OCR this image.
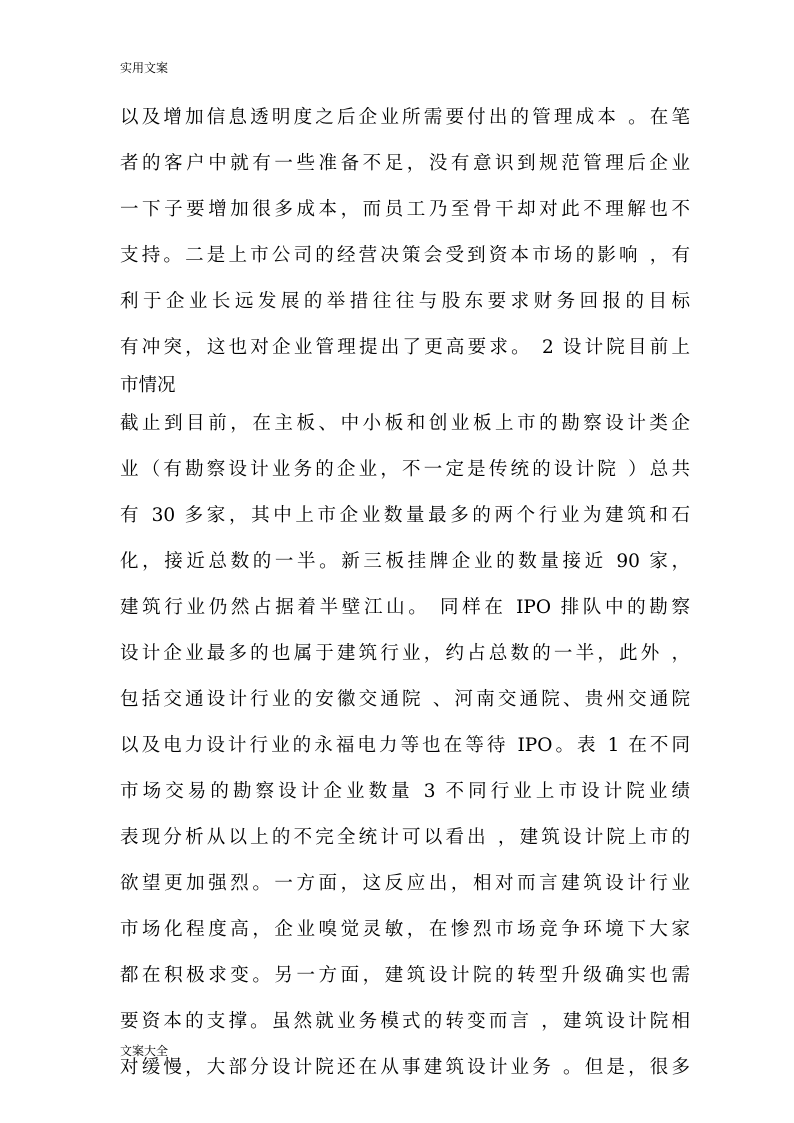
实用文案
以及增加信息透明度之后企业所需要付出的管理成本 。在笔
者的客户中就有一些准备不足，没有意识到规范管理后企业
一下子要增加很多成本，而员工乃至骨干却对此不理解也不
支持。二是上市公司的经营决策会受到资本市场的影响 ，有
利于企业长远发展的举措往往与股东要求财务回报的目标
有冲突，这也对企业管理提出了更高要求。 2 设计院目前上
市情况
截止到目前，在主板、中小板和创业板上市的勘察设计类企
业（有勘察设计业务的企业，不一定是传统的设计院 ）总共
有 30 多家，其中上市企业数量最多的两个行业为建筑和石
化，接近总数的一半。新三板挂牌企业的数量接近 90 家，
建筑行业仍然占据着半壁江山。 同样在 IPO 排队中的勘察
设计企业最多的也属于建筑行业，约占总数的一半，此外 ，
包括交通设计行业的安徽交通院 、河南交通院、贵州交通院
以及电力设计行业的永福电力等也在等待 IPO。表 1 在不同
市场交易的勘察设计企业数量 3 不同行业上市设计院业绩
表现分析从以上的不完全统计可以看出 ，建筑设计院上市的
欲望更加强烈。一方面，这反应出，相对而言建筑设计行业
市场化程度高，企业嗅觉灵敏，在惨烈市场竞争环境下大家
都在积极求变。另一方面，建筑设计院的转型升级确实也需
要资本的支撑。虽然就业务模式的转变而言 ，建筑设计院相
对缓慢，大部分设计院还在从事建筑设计业务 。但是，很多
文案大全
